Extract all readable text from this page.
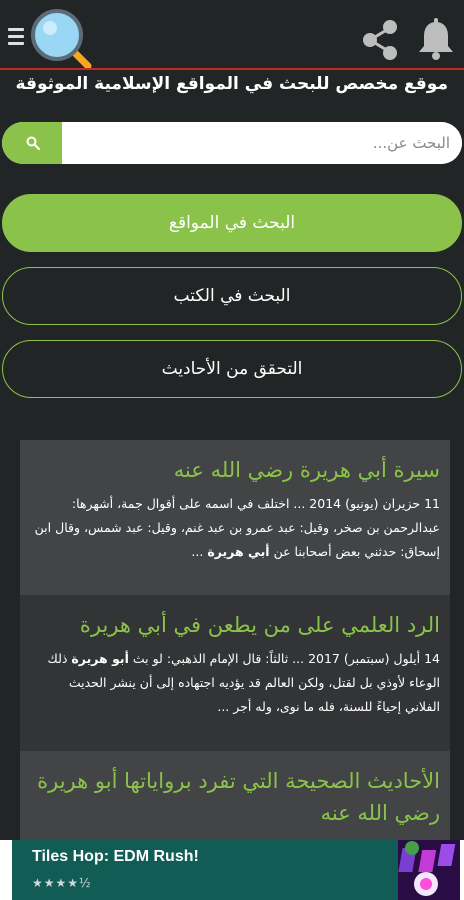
موقع مخصص للبحث في المواقع الإسلامية الموثوقة
البحث عن...
البحث في المواقع
البحث في الكتب
التحقق من الأحاديث
سيرة أبي هريرة رضي الله عنه
11 حزيران (يونيو) 2014 ... اختلف في اسمه على أقوال جمة، أشهرها: عبدالرحمن بن صخر، وقيل: عبد عمرو بن عبد غنم، وقيل: عبد شمس، وقال ابن إسحاق: حدثني بعض أصحابنا عن أبي هريرة ...
الرد العلمي على من يطعن في أبي هريرة
14 أيلول (سبتمبر) 2017 ... ثالثاً: قال الإمام الذهبي: لو بث أبو هريرة ذلك الوعاء لأوذي بل لقتل، ولكن العالم قد يؤديه اجتهاده إلى أن ينشر الحديث الفلاني إحياءً للسنة، فله ما نوى، وله أجر ...
الأحاديث الصحيحة التي تفرد برواياتها أبو هريرة رضي الله عنه
Tiles Hop: EDM Rush!
★★★★½
